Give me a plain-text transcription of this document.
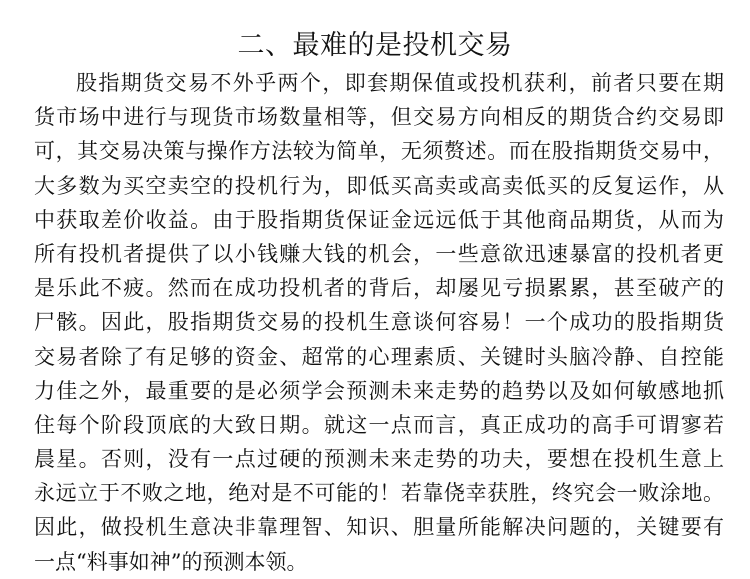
二、最难的是投机交易
股指期货交易不外乎两个，即套期保值或投机获利，前者只要在期
货市场中进行与现货市场数量相等，但交易方向相反的期货合约交易即
可，其交易决策与操作方法较为简单，无须赘述。而在股指期货交易中，
大多数为买空卖空的投机行为，即低买高卖或高卖低买的反复运作，从
中获取差价收益。由于股指期货保证金远远低于其他商品期货，从而为
所有投机者提供了以小钱赚大钱的机会，一些意欲迅速暴富的投机者更
是乐此不疲。然而在成功投机者的背后，却屡见亏损累累，甚至破产的
尸骸。因此，股指期货交易的投机生意谈何容易！一个成功的股指期货
交易者除了有足够的资金、超常的心理素质、关键时头脑冷静、自控能
力佳之外，最重要的是必须学会预测未来走势的趋势以及如何敏感地抓
住每个阶段顶底的大致日期。就这一点而言，真正成功的高手可谓寥若
晨星。否则，没有一点过硬的预测未来走势的功夫，要想在投机生意上
永远立于不败之地，绝对是不可能的！若靠侥幸获胜，终究会一败涂地。
因此，做投机生意决非靠理智、知识、胆量所能解决问题的，关键要有
一点“料事如神”的预测本领。
